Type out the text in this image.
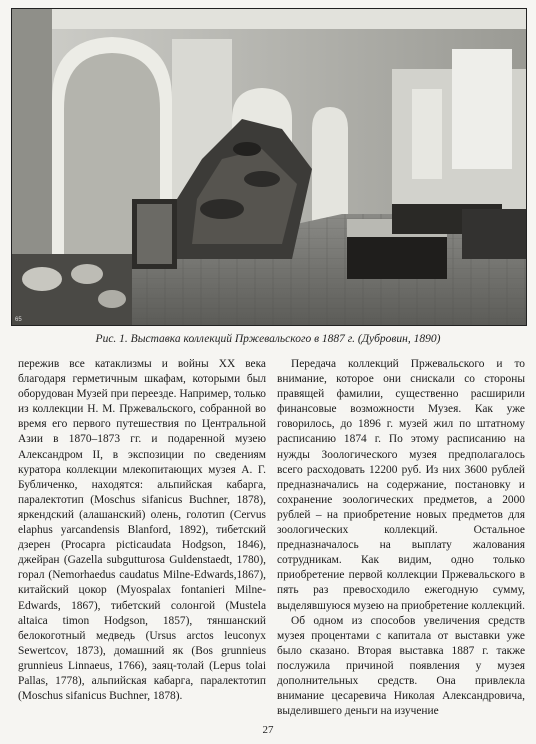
65
Рис. 1. Выставка коллекций Пржевальского в 1887 г. (Дубровин, 1890)

пережив все катаклизмы и войны XX века благодаря герметичным шкафам, которыми был оборудован Музей при переезде. Например, только из коллекции Н. М. Пржевальского, собранной во время его первого путешествия по Центральной Азии в 1870–1873 гг. и подаренной музею Александром II, в экспозиции по сведениям куратора коллекции млекопитающих музея А. Г. Бубличенко, находятся: альпийская кабарга, паралектотип (Moschus sifanicus Buchner, 1878), яркендский (алашанский) олень, голотип (Cervus elaphus yarcandensis Blanford, 1892), тибетский дзерен (Procapra picticaudata Hodgson, 1846), джейран (Gazella subgutturosa Guldenstaedt, 1780), горал (Nemorhaedus caudatus Milne-Edwards,1867), китайский цокор (Myospalax fontanieri Milne-Edwards, 1867), тибетский солонгой (Mustela altaica timon Hodgson, 1857), тяншанский белокоготный медведь (Ursus arctos leuconyx Sewertcov, 1873), домашний як (Bos grunnieus grunnieus Linnaeus, 1766), заяц-толай (Lepus tolai Pallas, 1778), альпийская кабарга, паралектотип (Moschus sifanicus Buchner, 1878).

Передача коллекций Пржевальского и то внимание, которое они снискали со стороны правящей фамилии, существенно расширили финансовые возможности Музея. Как уже говорилось, до 1896 г. музей жил по штатному расписанию 1874 г. По этому расписанию на нужды Зоологического музея предполагалось всего расходовать 12200 руб. Из них 3600 рублей предназначались на содержание, постановку и сохранение зоологических предметов, а 2000 рублей – на приобретение новых предметов для зоологических коллекций. Остальное предназначалось на выплату жалования сотрудникам. Как видим, одно только приобретение первой коллекции Пржевальского в пять раз превосходило ежегодную сумму, выделявшуюся музею на приобретение коллекций.

Об одном из способов увеличения средств музея процентами с капитала от выставки уже было сказано. Вторая выставка 1887 г. также послужила причиной появления у музея дополнительных средств. Она привлекла внимание цесаревича Николая Александровича, выделившего деньги на изучение

27
